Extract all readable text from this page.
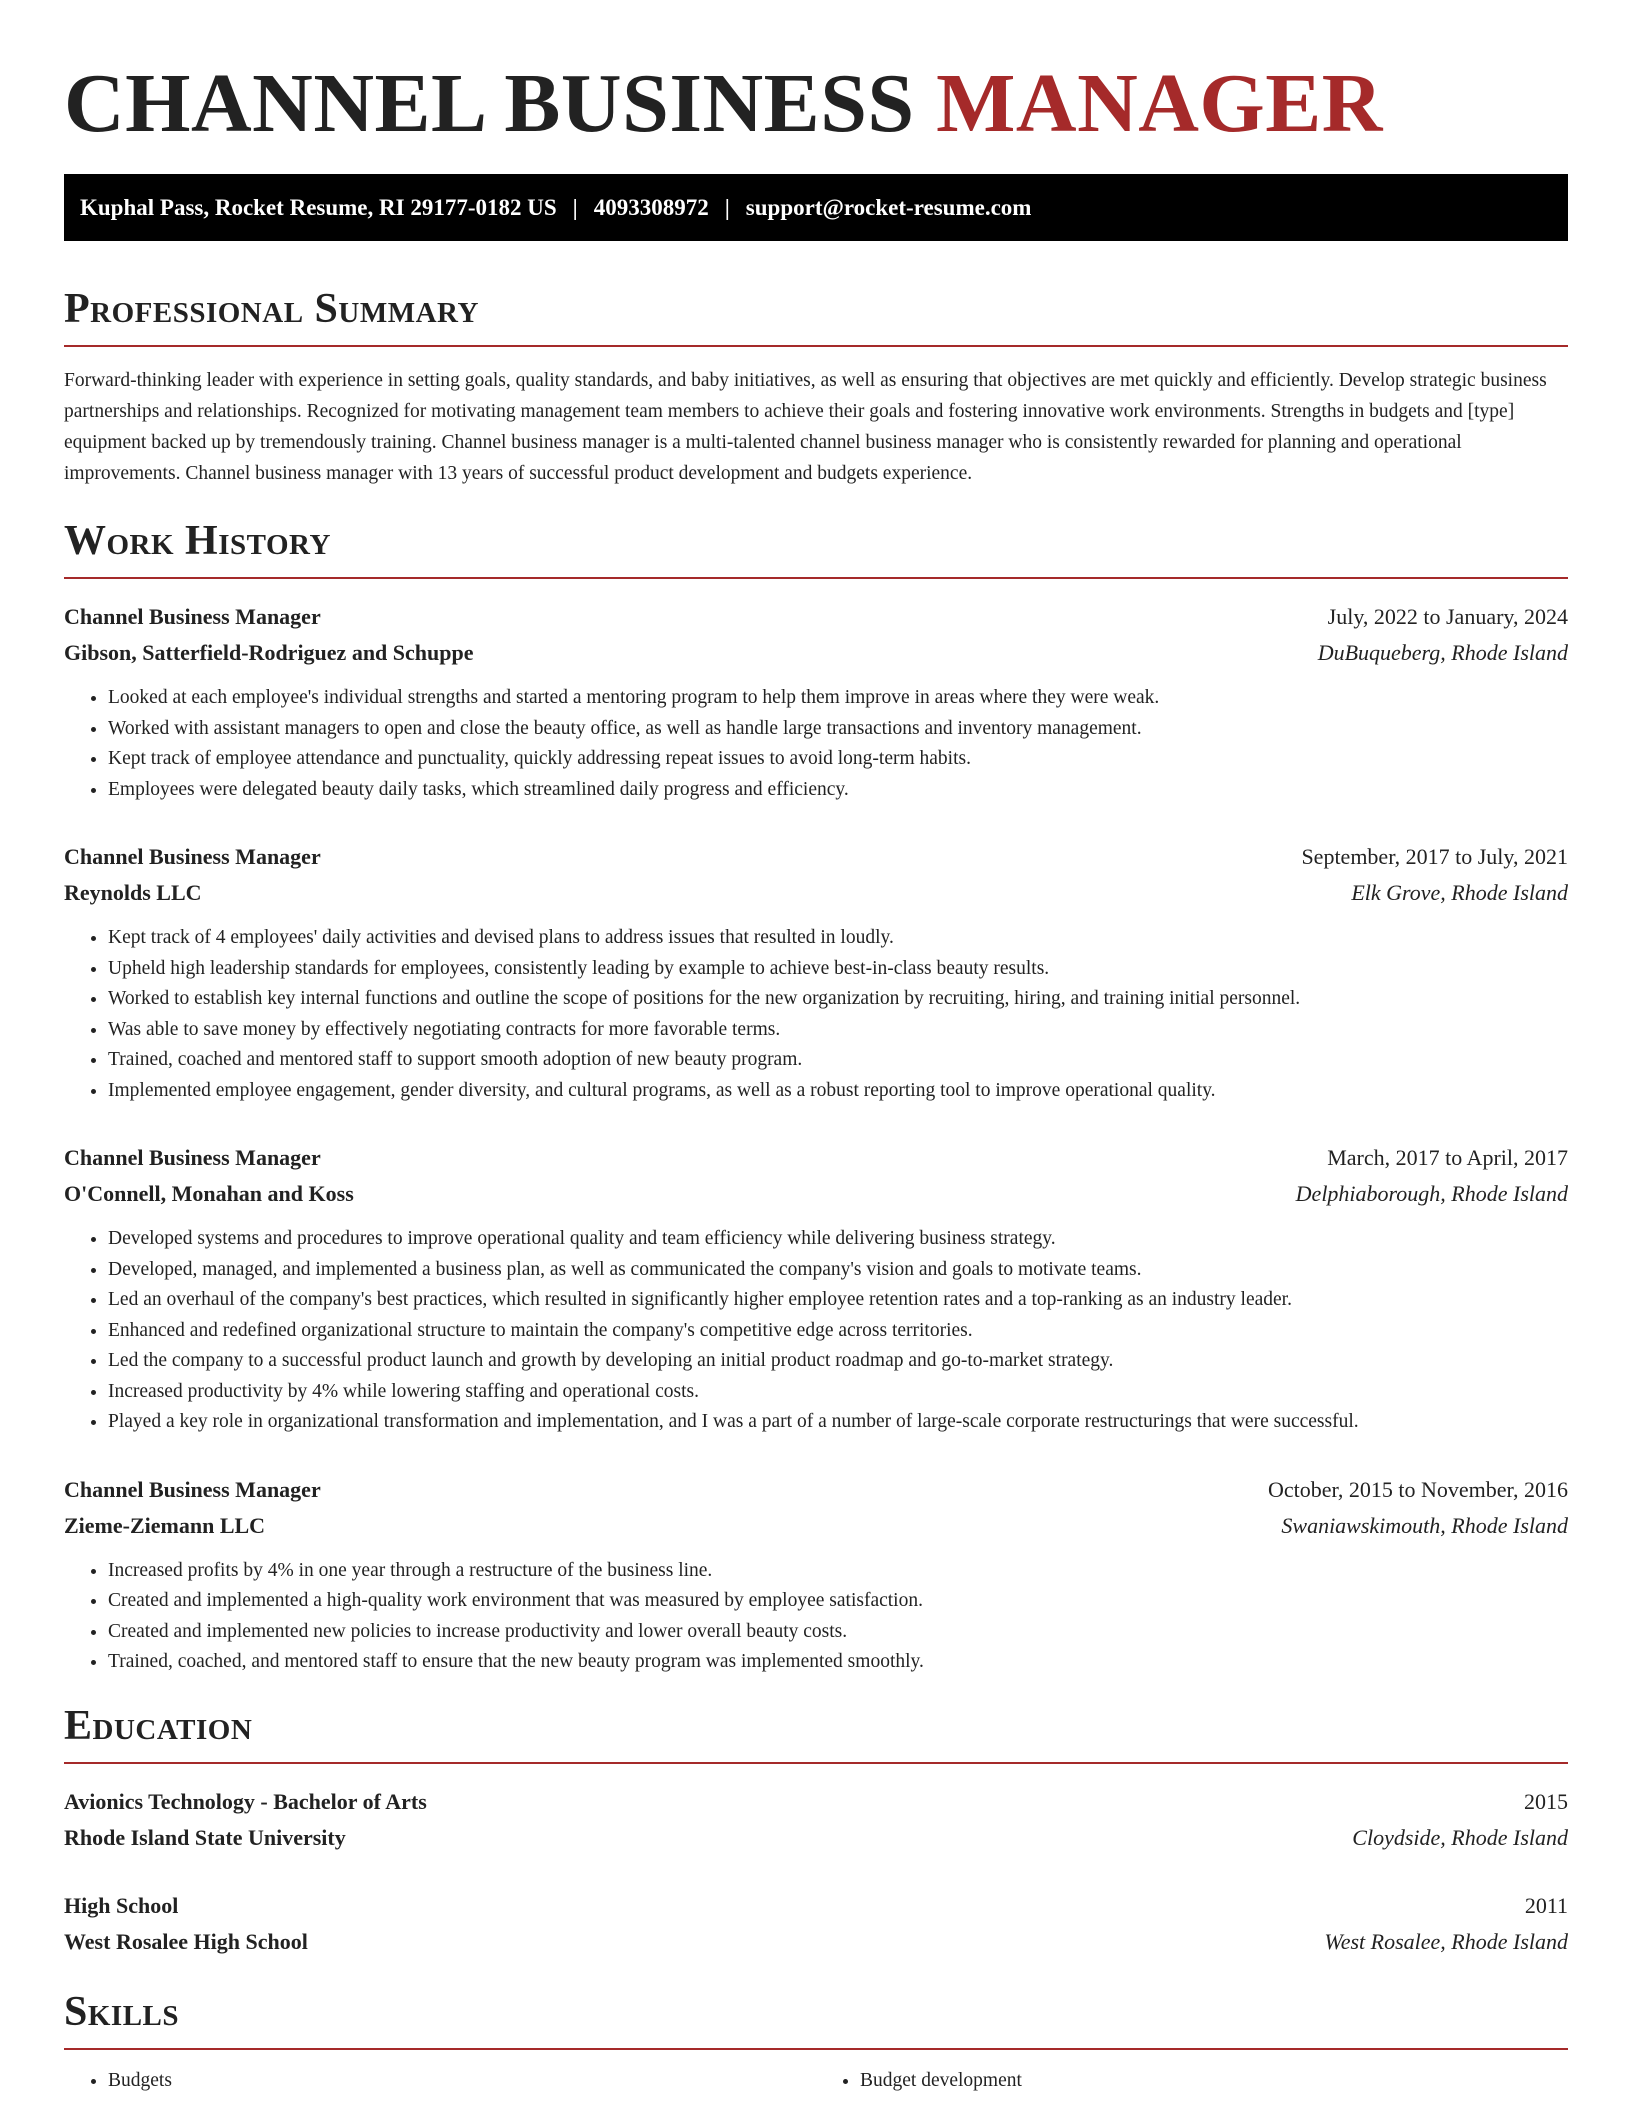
CHANNEL BUSINESS MANAGER
Kuphal Pass, Rocket Resume, RI 29177-0182 US | 4093308972 | support@rocket-resume.com
Professional Summary

Forward-thinking leader with experience in setting goals, quality standards, and baby initiatives, as well as ensuring that objectives are met quickly and efficiently. Develop strategic business partnerships and relationships. Recognized for motivating management team members to achieve their goals and fostering innovative work environments. Strengths in budgets and [type] equipment backed up by tremendously training. Channel business manager is a multi-talented channel business manager who is consistently rewarded for planning and operational improvements. Channel business manager with 13 years of successful product development and budgets experience.

Work History
Channel Business Manager	July, 2022 to January, 2024
Gibson, Satterfield-Rodriguez and Schuppe	DuBuqueberg, Rhode Island
• Looked at each employee's individual strengths and started a mentoring program to help them improve in areas where they were weak.
• Worked with assistant managers to open and close the beauty office, as well as handle large transactions and inventory management.
• Kept track of employee attendance and punctuality, quickly addressing repeat issues to avoid long-term habits.
• Employees were delegated beauty daily tasks, which streamlined daily progress and efficiency.
Channel Business Manager	September, 2017 to July, 2021
Reynolds LLC	Elk Grove, Rhode Island
• Kept track of 4 employees' daily activities and devised plans to address issues that resulted in loudly.
• Upheld high leadership standards for employees, consistently leading by example to achieve best-in-class beauty results.
• Worked to establish key internal functions and outline the scope of positions for the new organization by recruiting, hiring, and training initial personnel.
• Was able to save money by effectively negotiating contracts for more favorable terms.
• Trained, coached and mentored staff to support smooth adoption of new beauty program.
• Implemented employee engagement, gender diversity, and cultural programs, as well as a robust reporting tool to improve operational quality.
Channel Business Manager	March, 2017 to April, 2017
O'Connell, Monahan and Koss	Delphiaborough, Rhode Island
• Developed systems and procedures to improve operational quality and team efficiency while delivering business strategy.
• Developed, managed, and implemented a business plan, as well as communicated the company's vision and goals to motivate teams.
• Led an overhaul of the company's best practices, which resulted in significantly higher employee retention rates and a top-ranking as an industry leader.
• Enhanced and redefined organizational structure to maintain the company's competitive edge across territories.
• Led the company to a successful product launch and growth by developing an initial product roadmap and go-to-market strategy.
• Increased productivity by 4% while lowering staffing and operational costs.
• Played a key role in organizational transformation and implementation, and I was a part of a number of large-scale corporate restructurings that were successful.
Channel Business Manager	October, 2015 to November, 2016
Zieme-Ziemann LLC	Swaniawskimouth, Rhode Island
• Increased profits by 4% in one year through a restructure of the business line.
• Created and implemented a high-quality work environment that was measured by employee satisfaction.
• Created and implemented new policies to increase productivity and lower overall beauty costs.
• Trained, coached, and mentored staff to ensure that the new beauty program was implemented smoothly.
Education
Avionics Technology - Bachelor of Arts	2015
Rhode Island State University	Cloydside, Rhode Island
High School	2011
West Rosalee High School	West Rosalee, Rhode Island
Skills
• Budgets
•	Budget development
